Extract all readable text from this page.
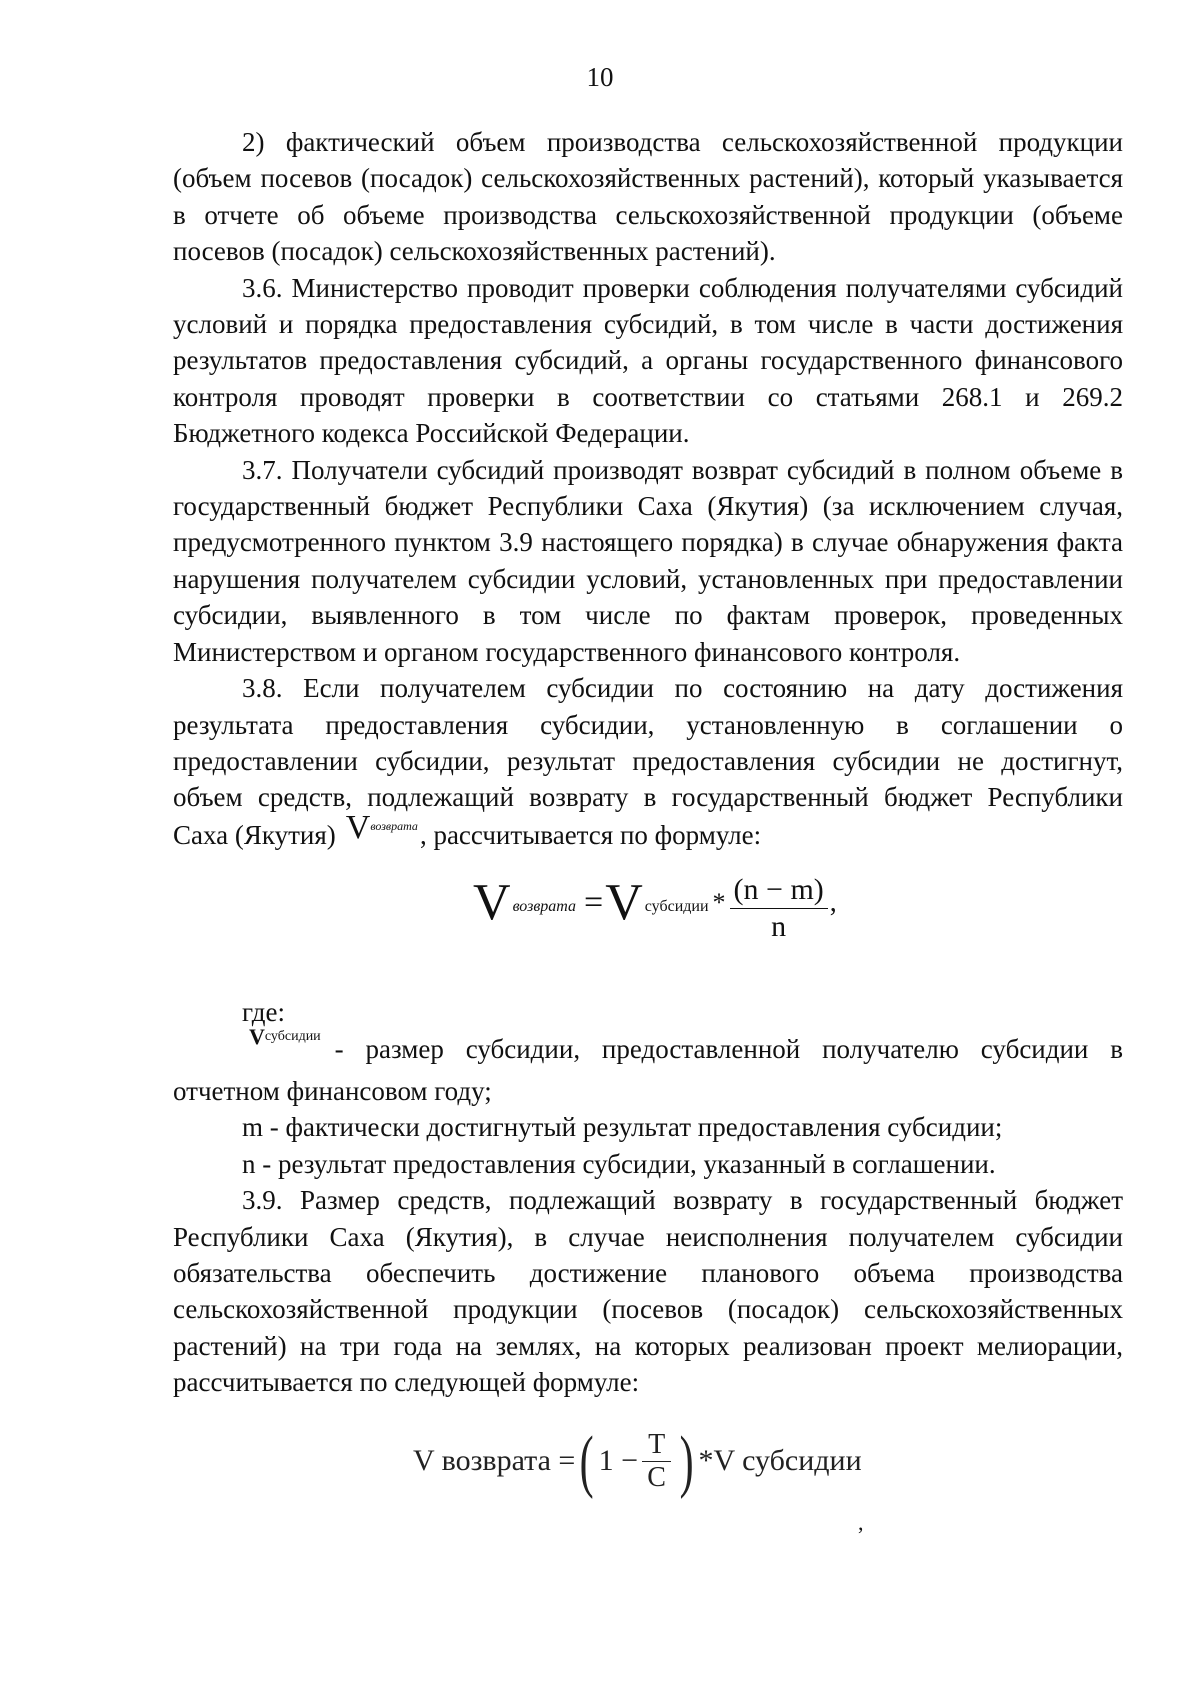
10

2) фактический объем производства сельскохозяйственной продукции (объем посевов (посадок) сельскохозяйственных растений), который указывается в отчете об объеме производства сельскохозяйственной продукции (объеме посевов (посадок) сельскохозяйственных растений).

3.6. Министерство проводит проверки соблюдения получателями субсидий условий и порядка предоставления субсидий, в том числе в части достижения результатов предоставления субсидий, а органы государственного финансового контроля проводят проверки в соответствии со статьями 268.1 и 269.2 Бюджетного кодекса Российской Федерации.

3.7. Получатели субсидий производят возврат субсидий в полном объеме в государственный бюджет Республики Саха (Якутия) (за исключением случая, предусмотренного пунктом 3.9 настоящего порядка) в случае обнаружения факта нарушения получателем субсидии условий, установленных при предоставлении субсидии, выявленного в том числе по фактам проверок, проведенных Министерством и органом государственного финансового контроля.

3.8. Если получателем субсидии по состоянию на дату достижения результата предоставления субсидии, установленную в соглашении о предоставлении субсидии, результат предоставления субсидии не достигнут, объем средств, подлежащий возврату в государственный бюджет Республики Саха (Якутия) $V^{возврата}$, рассчитывается по формуле:

V возврата = V субсидии * $\frac{(n - m)}{n}$ ,

где:

$V^{субсидии}$ - размер субсидии, предоставленной получателю субсидии в отчетном финансовом году;

m - фактически достигнутый результат предоставления субсидии;

n - результат предоставления субсидии, указанный в соглашении.

3.9. Размер средств, подлежащий возврату в государственный бюджет Республики Саха (Якутия), в случае неисполнения получателем субсидии обязательства обеспечить достижение планового объема производства сельскохозяйственной продукции (посевов (посадок) сельскохозяйственных растений) на три года на землях, на которых реализован проект мелиорации, рассчитывается по следующей формуле:

V возврата = ( $1 - \frac{T}{C}$ ) *V субсидии
,
